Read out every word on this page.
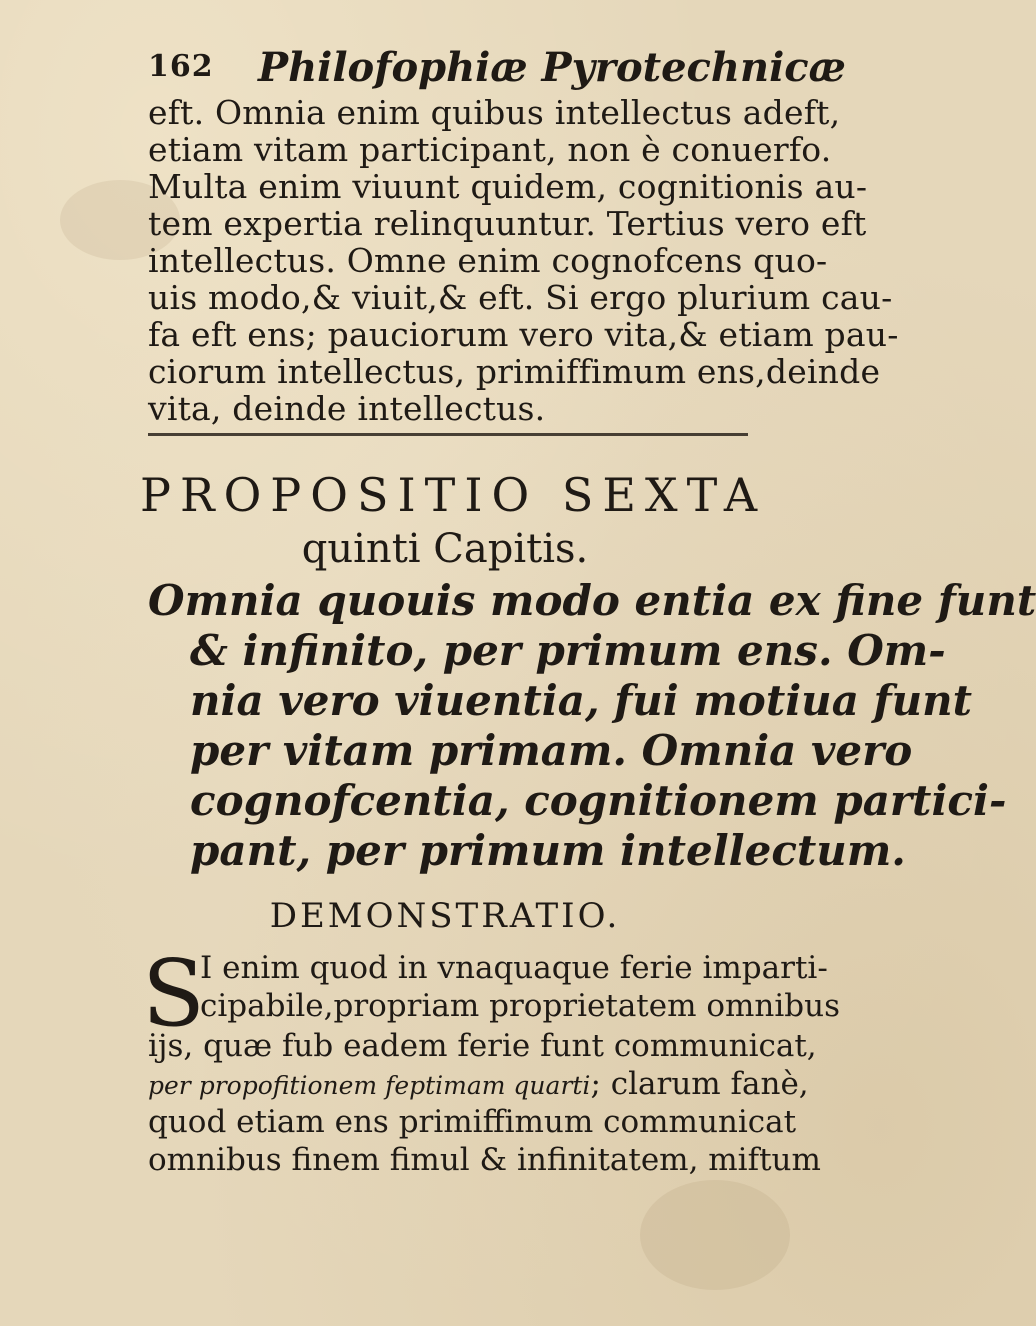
162 Philofophiæ Pyrotechnicæ
eft. Omnia enim quibus intellectus adeft,
etiam vitam participant, non è conuerfo.
Multa enim viuunt quidem, cognitionis au-
tem expertia relinquuntur. Tertius vero eft
intellectus. Omne enim cognofcens quo-
uis modo,& viuit,& eft. Si ergo plurium cau-
fa eft ens; pauciorum vero vita,& etiam pau-
ciorum intellectus, primiffimum ens,deinde
vita, deinde intellectus.
PROPOSITIO SEXTA
quinti Capitis.
Omnia quouis modo entia ex fine funt
& infinito, per primum ens. Om-
nia vero viuentia, fui motiua funt
per vitam primam. Omnia vero
cognofcentia, cognitionem partici-
pant, per primum intellectum.
DEMONSTRATIO.
S
I enim quod in vnaquaque ferie imparti-
cipabile,propriam proprietatem omnibus
ijs, quæ fub eadem ferie funt communicat,
per propofitionem feptimam quarti; clarum fanè,
quod etiam ens primiffimum communicat
omnibus finem fimul & infinitatem, miftum
